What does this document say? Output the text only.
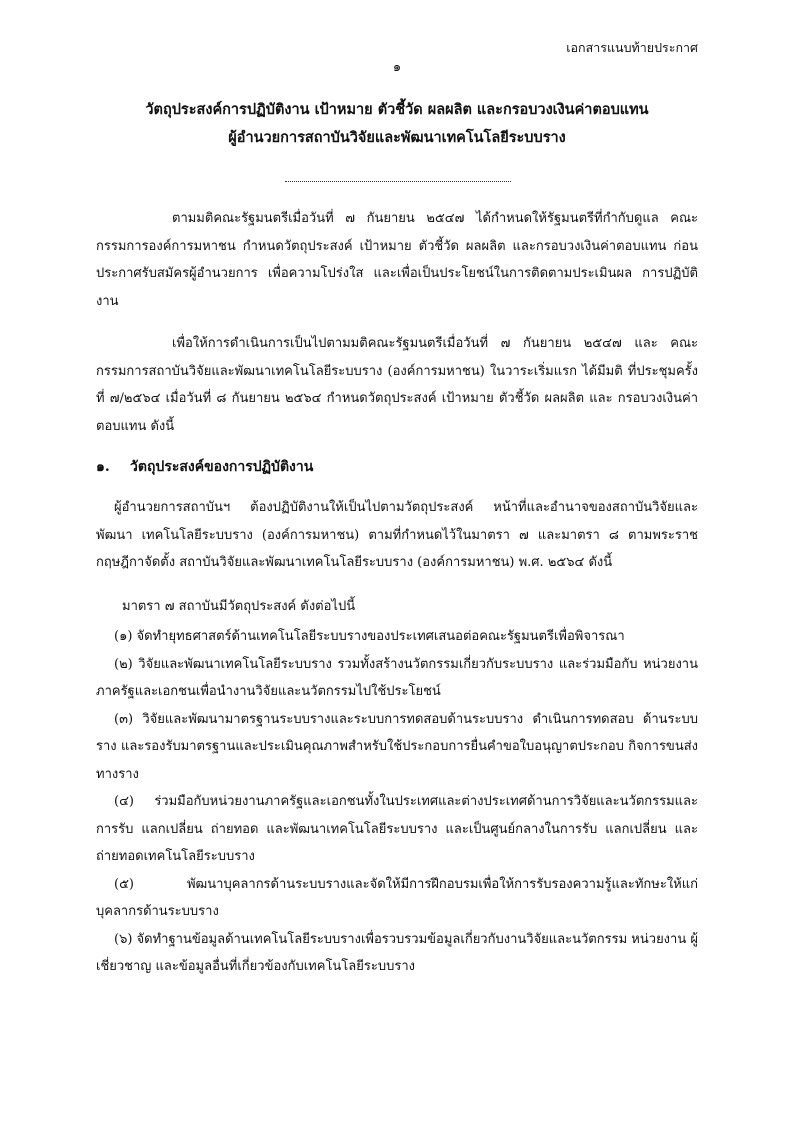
เอกสารแนบท้ายประกาศ
๑
วัตถุประสงค์การปฏิบัติงาน เป้าหมาย ตัวชี้วัด ผลผลิต และกรอบวงเงินค่าตอบแทน
ผู้อำนวยการสถาบันวิจัยและพัฒนาเทคโนโลยีระบบราง
ตามมติคณะรัฐมนตรีเมื่อวันที่ ๗ กันยายน ๒๕๔๗ ได้กำหนดให้รัฐมนตรีที่กำกับดูแล คณะกรรมการองค์การมหาชน กำหนดวัตถุประสงค์ เป้าหมาย ตัวชี้วัด ผลผลิต และกรอบวงเงินค่าตอบแทน ก่อนประกาศรับสมัครผู้อำนวยการ เพื่อความโปร่งใส และเพื่อเป็นประโยชน์ในการติดตามประเมินผล การปฏิบัติงาน
เพื่อให้การดำเนินการเป็นไปตามมติคณะรัฐมนตรีเมื่อวันที่ ๗ กันยายน ๒๕๔๗ และ คณะกรรมการสถาบันวิจัยและพัฒนาเทคโนโลยีระบบราง (องค์การมหาชน) ในวาระเริ่มแรก ได้มีมติ ที่ประชุมครั้งที่ ๗/๒๕๖๔ เมื่อวันที่ ๘ กันยายน ๒๕๖๔ กำหนดวัตถุประสงค์ เป้าหมาย ตัวชี้วัด ผลผลิต และ กรอบวงเงินค่าตอบแทน ดังนี้
๑. วัตถุประสงค์ของการปฏิบัติงาน
ผู้อำนวยการสถาบันฯ ต้องปฏิบัติงานให้เป็นไปตามวัตถุประสงค์ หน้าที่และอำนาจของสถาบันวิจัยและพัฒนา เทคโนโลยีระบบราง (องค์การมหาชน) ตามที่กำหนดไว้ในมาตรา ๗ และมาตรา ๘ ตามพระราชกฤษฎีกาจัดตั้ง สถาบันวิจัยและพัฒนาเทคโนโลยีระบบราง (องค์การมหาชน) พ.ศ. ๒๕๖๔ ดังนี้
มาตรา ๗ สถาบันมีวัตถุประสงค์ ดังต่อไปนี้
(๑) จัดทำยุทธศาสตร์ด้านเทคโนโลยีระบบรางของประเทศเสนอต่อคณะรัฐมนตรีเพื่อพิจารณา
(๒) วิจัยและพัฒนาเทคโนโลยีระบบราง รวมทั้งสร้างนวัตกรรมเกี่ยวกับระบบราง และร่วมมือกับ หน่วยงานภาครัฐและเอกชนเพื่อนำงานวิจัยและนวัตกรรมไปใช้ประโยชน์
(๓) วิจัยและพัฒนามาตรฐานระบบรางและระบบการทดสอบด้านระบบราง ดำเนินการทดสอบ ด้านระบบราง และรองรับมาตรฐานและประเมินคุณภาพสำหรับใช้ประกอบการยื่นคำขอใบอนุญาตประกอบ กิจการขนส่งทางราง
(๔) ร่วมมือกับหน่วยงานภาครัฐและเอกชนทั้งในประเทศและต่างประเทศด้านการวิจัยและนวัตกรรมและ การรับ แลกเปลี่ยน ถ่ายทอด และพัฒนาเทคโนโลยีระบบราง และเป็นศูนย์กลางในการรับ แลกเปลี่ยน และถ่ายทอดเทคโนโลยีระบบราง
(๕) พัฒนาบุคลากรด้านระบบรางและจัดให้มีการฝึกอบรมเพื่อให้การรับรองความรู้และทักษะให้แก่ บุคลากรด้านระบบราง
(๖) จัดทำฐานข้อมูลด้านเทคโนโลยีระบบรางเพื่อรวบรวมข้อมูลเกี่ยวกับงานวิจัยและนวัตกรรม หน่วยงาน ผู้เชี่ยวชาญ และข้อมูลอื่นที่เกี่ยวข้องกับเทคโนโลยีระบบราง
